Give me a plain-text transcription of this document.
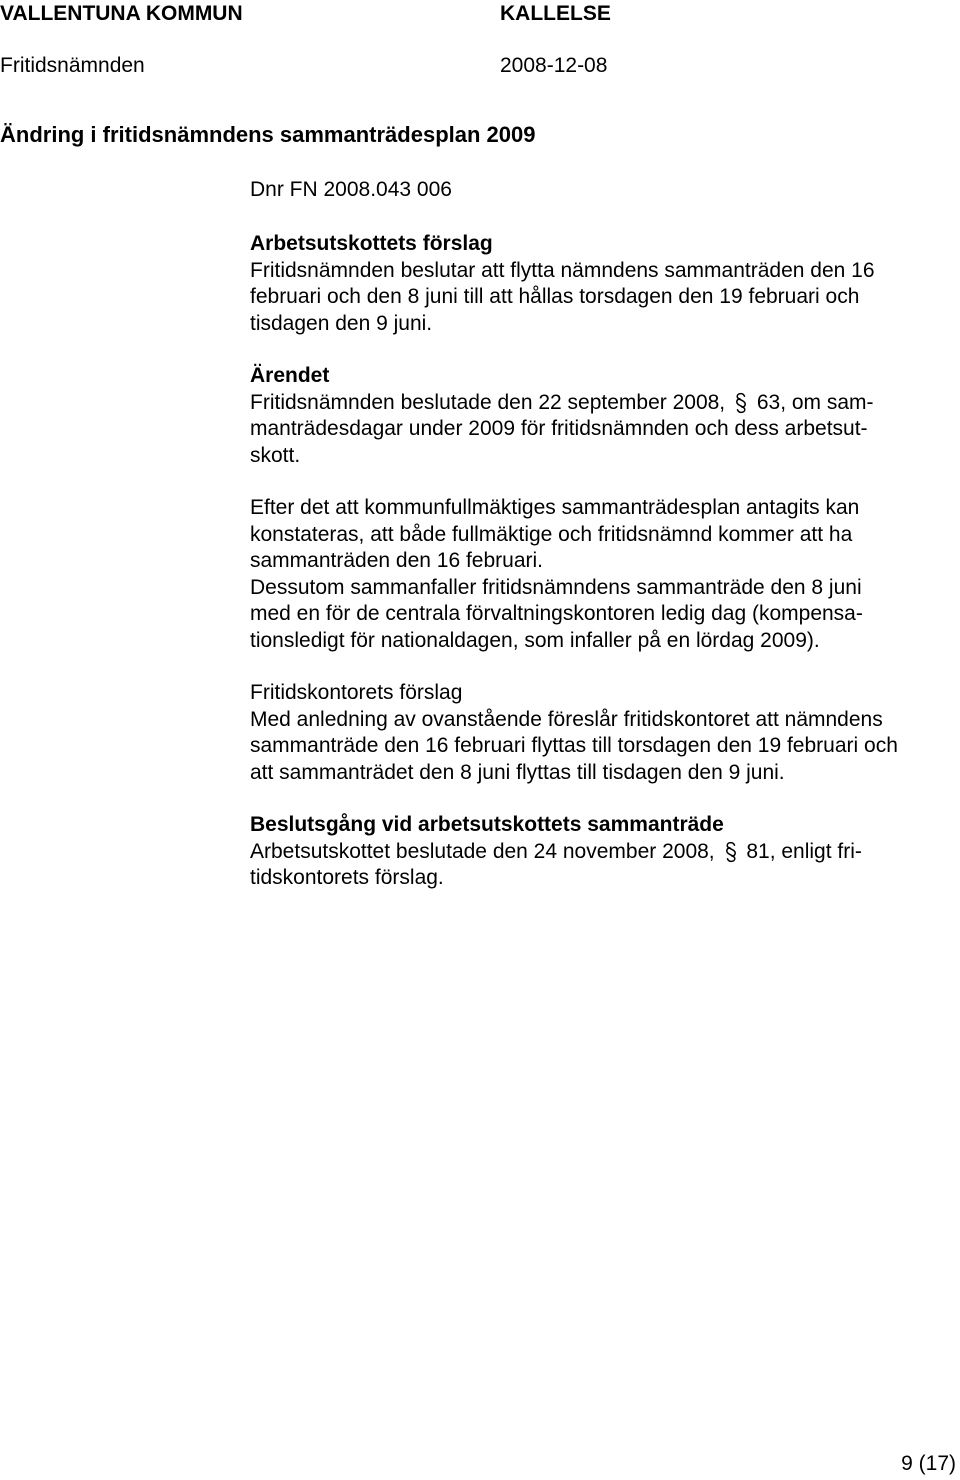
VALLENTUNA KOMMUN	KALLELSE
Fritidsnämnden	2008-12-08
Ändring i fritidsnämndens sammanträdesplan 2009
Dnr FN 2008.043 006
Arbetsutskottets förslag
Fritidsnämnden beslutar att flytta nämndens sammanträden den 16
februari och den 8 juni till att hållas torsdagen den 19 februari och
tisdagen den 9 juni.
Ärendet
Fritidsnämnden beslutade den 22 september 2008, 63, om sam-
manträdesdagar under 2009 för fritidsnämnden och dess arbetsut-
skott.
Efter det att kommunfullmäktiges sammanträdesplan antagits kan
konstateras, att både fullmäktige och fritidsnämnd kommer att ha
sammanträden den 16 februari.
Dessutom sammanfaller fritidsnämndens sammanträde den 8 juni
med en för de centrala förvaltningskontoren ledig dag (kompensa-
tionsledigt för nationaldagen, som infaller på en lördag 2009).
Fritidskontorets förslag
Med anledning av ovanstående föreslår fritidskontoret att nämndens
sammanträde den 16 februari flyttas till torsdagen den 19 februari och
att sammanträdet den 8 juni flyttas till tisdagen den 9 juni.
Beslutsgång vid arbetsutskottets sammanträde
Arbetsutskottet beslutade den 24 november 2008, 81, enligt fri-
tidskontorets förslag.
9 (17)
